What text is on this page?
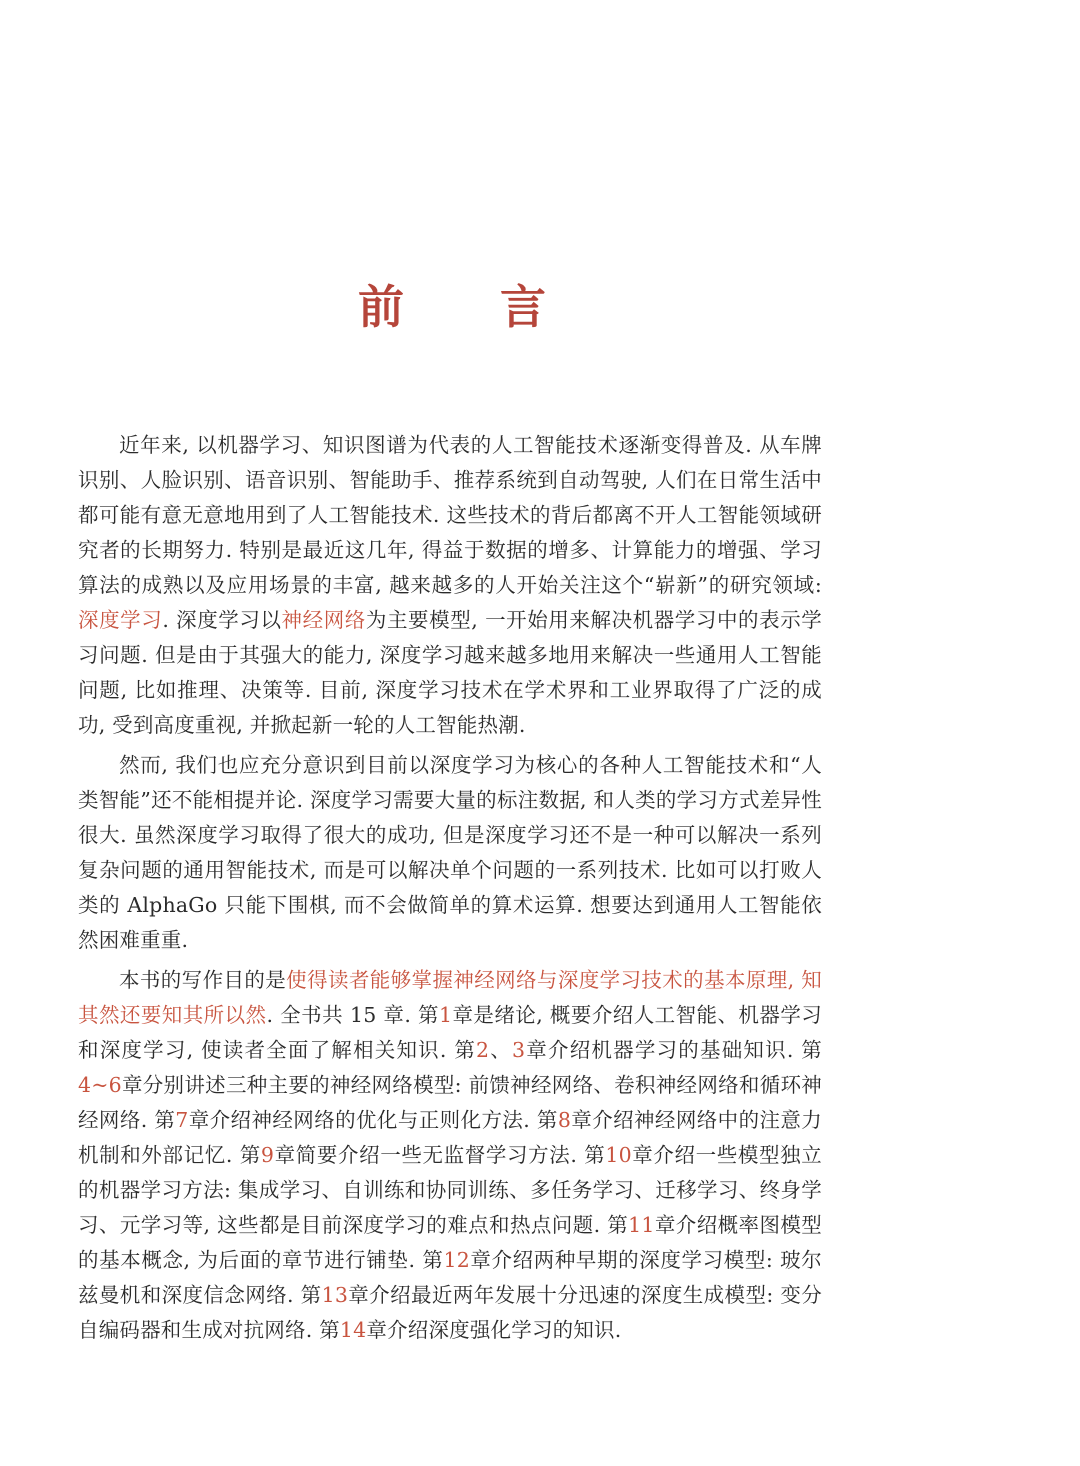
前 言

近年来, 以机器学习、知识图谱为代表的人工智能技术逐渐变得普及. 从车牌识别、人脸识别、语音识别、智能助手、推荐系统到自动驾驶, 人们在日常生活中都可能有意无意地用到了人工智能技术. 这些技术的背后都离不开人工智能领域研究者的长期努力. 特别是最近这几年, 得益于数据的增多、计算能力的增强、学习算法的成熟以及应用场景的丰富, 越来越多的人开始关注这个“崭新”的研究领域:深度学习. 深度学习以神经网络为主要模型, 一开始用来解决机器学习中的表示学习问题. 但是由于其强大的能力, 深度学习越来越多地用来解决一些通用人工智能问题, 比如推理、决策等. 目前, 深度学习技术在学术界和工业界取得了广泛的成功, 受到高度重视, 并掀起新一轮的人工智能热潮.

然而, 我们也应充分意识到目前以深度学习为核心的各种人工智能技术和“人类智能”还不能相提并论. 深度学习需要大量的标注数据, 和人类的学习方式差异性很大. 虽然深度学习取得了很大的成功, 但是深度学习还不是一种可以解决一系列复杂问题的通用智能技术, 而是可以解决单个问题的一系列技术. 比如可以打败人类的 AlphaGo 只能下围棋, 而不会做简单的算术运算. 想要达到通用人工智能依然困难重重.

本书的写作目的是使得读者能够掌握神经网络与深度学习技术的基本原理, 知其然还要知其所以然. 全书共 15 章. 第1章是绪论, 概要介绍人工智能、机器学习和深度学习, 使读者全面了解相关知识. 第2、3章介绍机器学习的基础知识. 第4~6章分别讲述三种主要的神经网络模型: 前馈神经网络、卷积神经网络和循环神经网络. 第7章介绍神经网络的优化与正则化方法. 第8章介绍神经网络中的注意力机制和外部记忆. 第9章简要介绍一些无监督学习方法. 第10章介绍一些模型独立的机器学习方法: 集成学习、自训练和协同训练、多任务学习、迁移学习、终身学习、元学习等, 这些都是目前深度学习的难点和热点问题. 第11章介绍概率图模型的基本概念, 为后面的章节进行铺垫. 第12章介绍两种早期的深度学习模型: 玻尔兹曼机和深度信念网络. 第13章介绍最近两年发展十分迅速的深度生成模型: 变分自编码器和生成对抗网络. 第14章介绍深度强化学习的知识.
